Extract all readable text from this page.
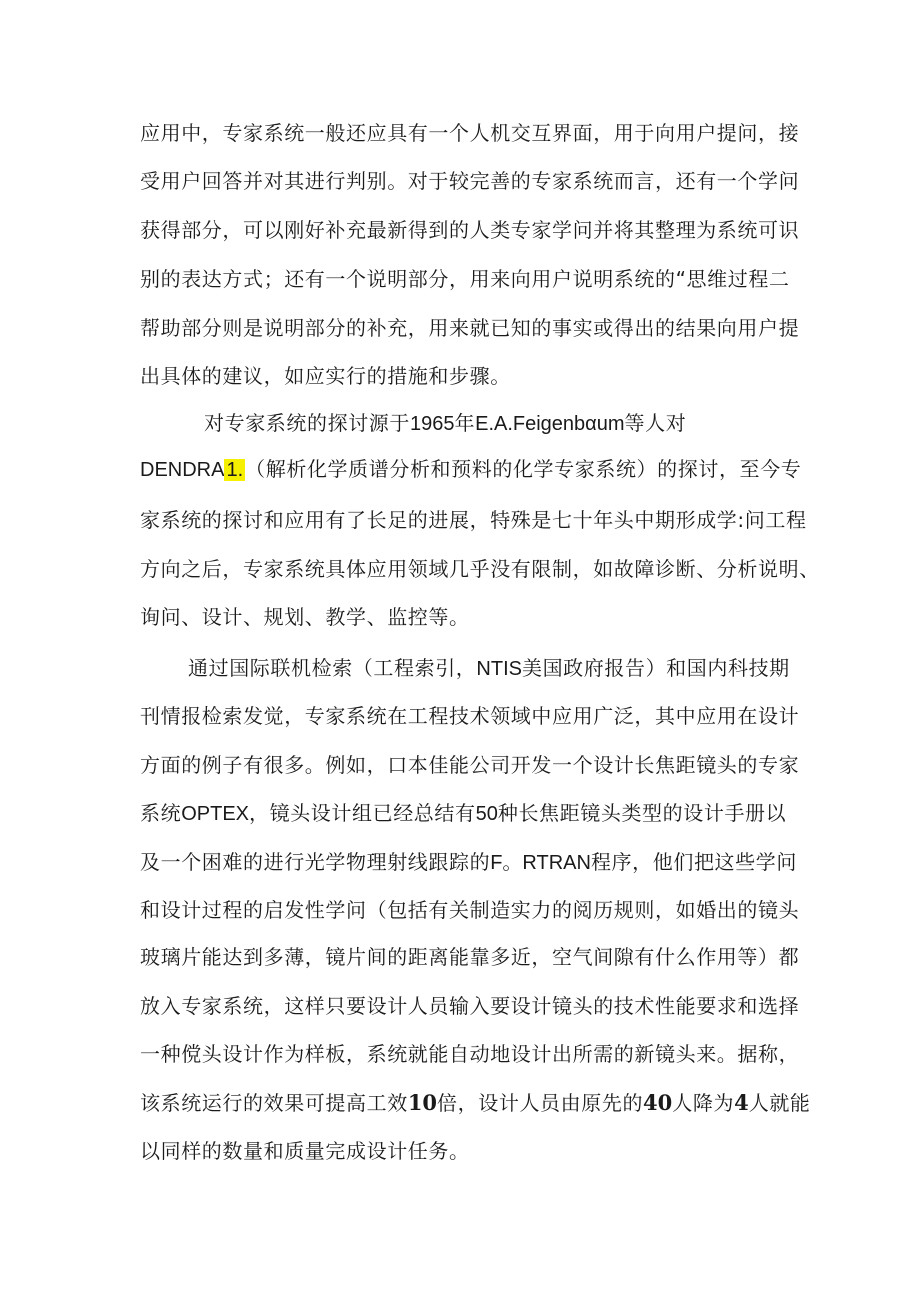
应用中，专家系统一般还应具有一个人机交互界面，用于向用户提问，接
受用户回答并对其进行判别。对于较完善的专家系统而言，还有一个学问
获得部分，可以刚好补充最新得到的人类专家学问并将其整理为系统可识
别的表达方式；还有一个说明部分，用来向用户说明系统的“思维过程二
帮助部分则是说明部分的补充，用来就已知的事实或得出的结果向用户提
出具体的建议，如应实行的措施和步骤。
对专家系统的探讨源于1965年E.A.Feigenbαum等人对
DENDRA 1. （解析化学质谱分析和预料的化学专家系统）的探讨，至今专
家系统的探讨和应用有了长足的进展，特殊是七十年头中期形成学:问工程
方向之后，专家系统具体应用领域几乎没有限制，如故障诊断、分析说明、
询问、设计、规划、教学、监控等。
通过国际联机检索（工程索引，NTIS美国政府报告）和国内科技期
刊情报检索发觉，专家系统在工程技术领域中应用广泛，其中应用在设计
方面的例子有很多。例如，口本佳能公司开发一个设计长焦距镜头的专家
系统OPTEX，镜头设计组已经总结有50种长焦距镜头类型的设计手册以
及一个困难的进行光学物理射线跟踪的F。RTRAN程序，他们把这些学问
和设计过程的启发性学问（包括有关制造实力的阅历规则，如婚出的镜头
玻璃片能达到多薄，镜片间的距离能靠多近，空气间隙有什么作用等）都
放入专家系统，这样只要设计人员输入要设计镜头的技术性能要求和选择
一种傥头设计作为样板，系统就能自动地设计出所需的新镜头来。据称，
该系统运行的效果可提高工效10倍，设计人员由原先的40人降为4人就能
以同样的数量和质量完成设计任务。
